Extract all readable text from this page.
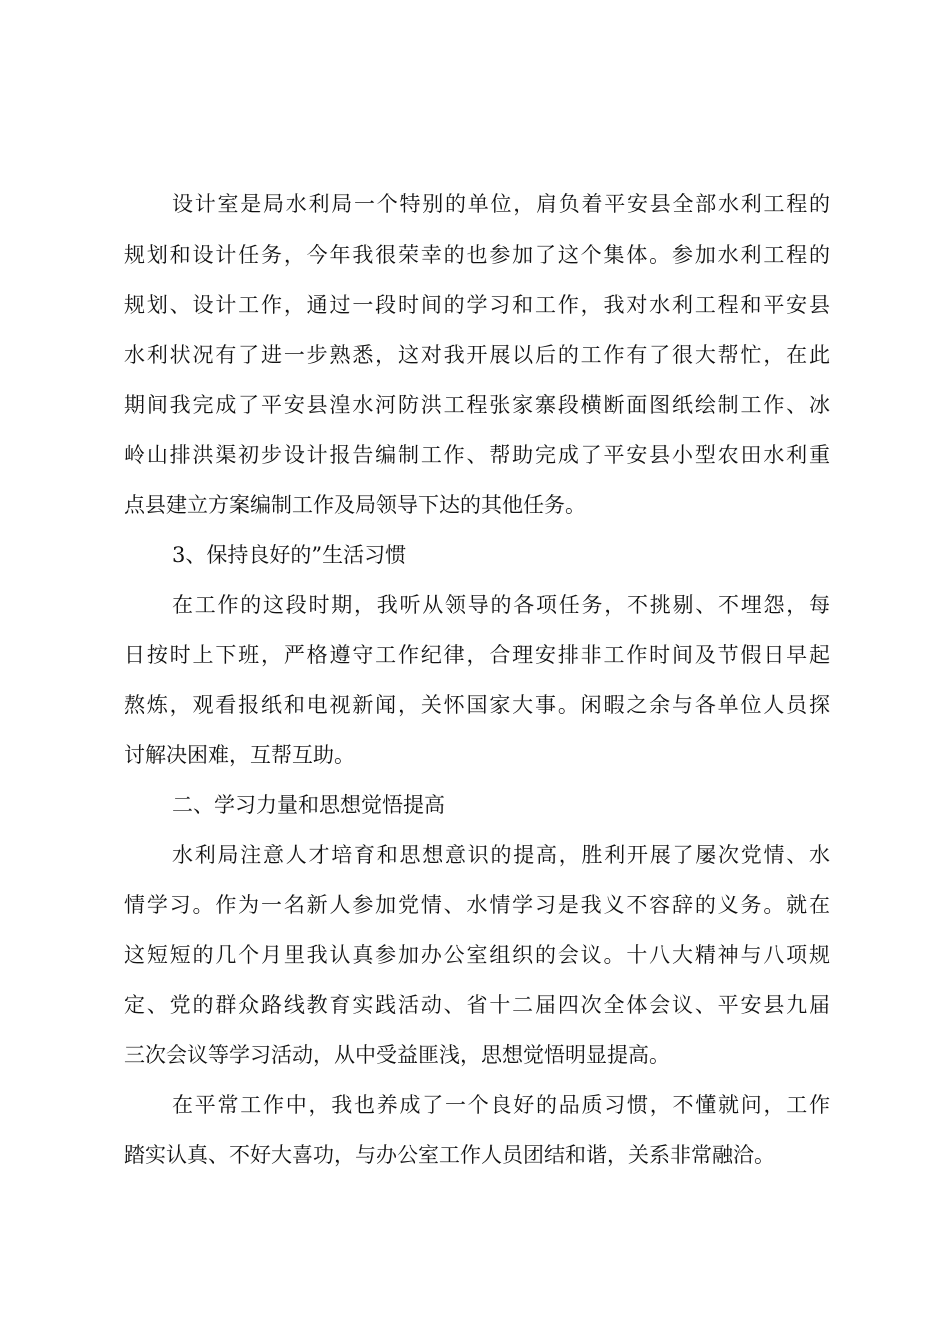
设计室是局水利局一个特别的单位，肩负着平安县全部水利工程的
规划和设计任务，今年我很荣幸的也参加了这个集体。参加水利工程的
规划、设计工作，通过一段时间的学习和工作，我对水利工程和平安县
水利状况有了进一步熟悉，这对我开展以后的工作有了很大帮忙，在此
期间我完成了平安县湟水河防洪工程张家寨段横断面图纸绘制工作、冰
岭山排洪渠初步设计报告编制工作、帮助完成了平安县小型农田水利重
点县建立方案编制工作及局领导下达的其他任务。
3、保持良好的”生活习惯
在工作的这段时期，我听从领导的各项任务，不挑剔、不埋怨，每
日按时上下班，严格遵守工作纪律，合理安排非工作时间及节假日早起
熬炼，观看报纸和电视新闻，关怀国家大事。闲暇之余与各单位人员探
讨解决困难，互帮互助。
二、学习力量和思想觉悟提高
水利局注意人才培育和思想意识的提高，胜利开展了屡次党情、水
情学习。作为一名新人参加党情、水情学习是我义不容辞的义务。就在
这短短的几个月里我认真参加办公室组织的会议。十八大精神与八项规
定、党的群众路线教育实践活动、省十二届四次全体会议、平安县九届
三次会议等学习活动，从中受益匪浅，思想觉悟明显提高。
在平常工作中，我也养成了一个良好的品质习惯，不懂就问，工作
踏实认真、不好大喜功，与办公室工作人员团结和谐，关系非常融洽。
